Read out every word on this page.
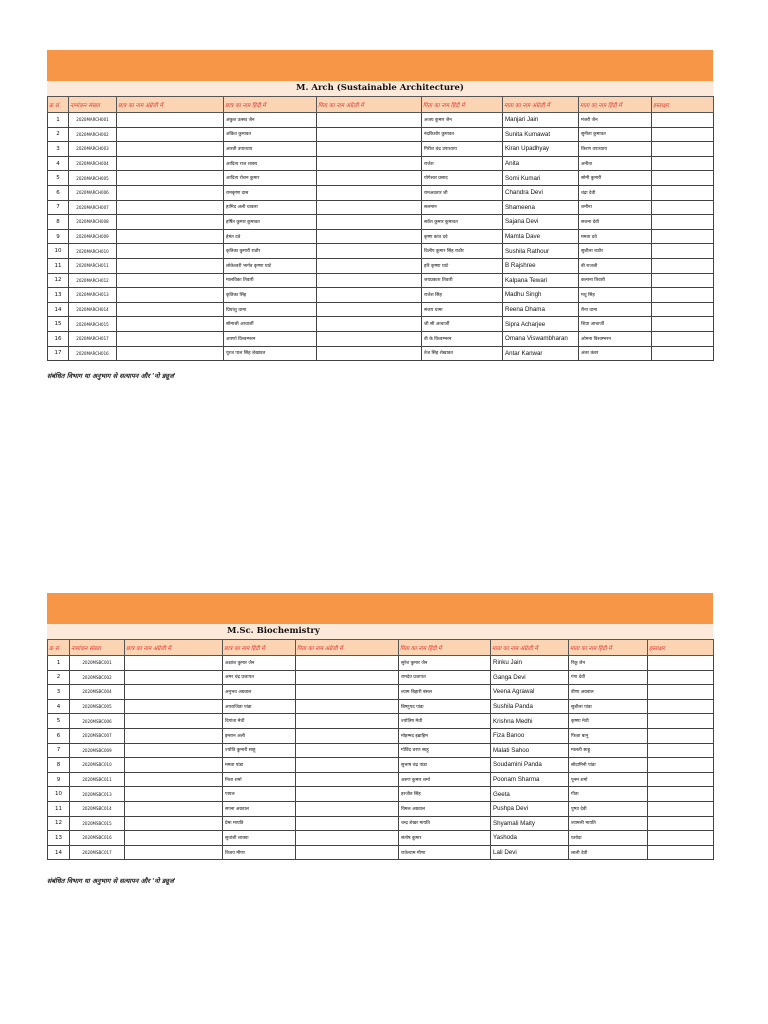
M. Arch (Sustainable Architecture)
क्र सं	नामांकन संख्या	छात्र का नाम अंग्रेजी में	छात्र का नाम हिंदी में	पिता का नाम अंग्रेजी में	पिता का नाम हिंदी में	माता का नाम अंग्रेजी में	माता का नाम हिंदी में	हस्ताक्षर
1	2020MARCH001		अंकुश उत्सव जैन		अजय कुमार जैन	Manjari Jain	मंजरी जैन	
2	2020MARCH002		अंकित कुमावत		नंदकिशोर कुमावत	Sunita Kumawat	सुनीता कुमावत	
3	2020MARCH003		आरती उपाध्याय		गिरीश चंद्र उपाध्याय	Kiran Upadhyay	किरण उपाध्याय	
4	2020MARCH004		आदित्य राज शाक्य		राजेश	Anita	अनीता	
5	2020MARCH005		आदित्य रोशन कुमार		योगेश्वर प्रसाद	Somi Kumari	सोमी कुमारी	
6	2020MARCH006		रामकृष्ण दास		रामअवतार जी	Chandra Devi	चंद्रा देवी	
7	2020MARCH007		हामिद अली चावला		सलमान	Shameena	शमीना	
8	2020MARCH008		हर्षित कुमार कुमावत		सर्वेश कुमार कुमावत	Sajana Devi	सजना देवी	
9	2020MARCH009		हेमंत दवे		कृष्ण कांत दवे	Mamta Dave	ममता दवे	
10	2020MARCH010		कृतिका कुमारी राठौर		दिलीप कुमार सिंह राठौर	Sushila Rathour	सुशीला राठौर	
11	2020MARCH011		लोकेश्वरी भार्गव कृष्णा घाटे		हरि कृष्णा घाटे	B Rajshree	बी राजश्री	
12	2020MARCH012		मालविका तिवारी		जयप्रकाश तिवारी	Kalpana Tewari	कल्पना तिवारी	
13	2020MARCH013		कृतिका सिंह		राजेश सिंह	Madhu Singh	मधु सिंह	
14	2020MARCH014		प्रियांशु धामा		संजय धामा	Reena Dhama	रीना धामा	
15	2020MARCH015		सौमाश्री आचार्जी		जी सी आचार्जी	Sipra Acharjee	शिप्रा आचार्जी	
16	2020MARCH017		अपर्णा विश्वम्भरन		वी के विश्वम्भरन	Omana Viswambharan	ओमना विश्वम्भरन	
17	2020MARCH016		यूरज पाल सिंह शेखावत		तेज सिंह शेखावत	Antar Kanwar	अंतर कंवर	
संबंधित विभाग या अनुभाग से सत्यापन और 'नो ड्यूज'
M.Sc. Biochemistry
क्र सं	नामांकन संख्या	छात्र का नाम अंग्रेजी में	छात्र का नाम हिंदी में	पिता का नाम अंग्रेजी में	पिता का नाम हिंदी में	माता का नाम अंग्रेजी में	माता का नाम हिंदी में	हस्ताक्षर
1	2020MSBC001		अक्षांश कुमार जैन		सुरेश कुमार जैन	Rinku Jain	रिंकू जैन	
2	2020MSBC002		अमर चंद्र प्रजापत		रामदेव प्रजापत	Ganga Devi	गंगा देवी	
3	2020MSBC004		अनुभव अग्रवाल		श्याम बिहारी बंसल	Veena Agrawal	वीणा अग्रवाल	
4	2020MSBC005		अपराजिता पांडा		बिष्णुपद पांडा	Sushila Panda	सुशीला पांडा	
5	2020MSBC006		दिगांता मेधी		ज्योतिष मेधी	Krishna Medhi	कृष्णा मेधी	
6	2020MSBC007		इमरान अली		मोहम्मद इब्राहिम	Fiza Banoo	फिज़ा बानू	
7	2020MSBC009		ज्योति कुमारी साहू		गोविंद चरण साहू	Malati Sahoo	मालती साहू	
8	2020MSBC010		ममता पांडा		सुभाष चंद्र पांडा	Soudamini Panda	सौदामिनी पांडा	
9	2020MSBC011		निशा शर्मा		अरुण कुमार शर्मा	Poonam Sharma	पूनम शर्मा	
10	2020MSBC013		पायल		हरजीत सिंह	Geeta	गीता	
11	2020MSBC014		सपना अग्रवाल		विमल अग्रवाल	Pushpa Devi	पुष्पा देवी	
12	2020MSBC015		प्रेमा मायति		चन्द्र शेखर मायति	Shyamali Maity	श्यामली मायति	
13	2020MSBC016		सुधांशी शाक्या		संतोष कुमार	Yashoda	यशोदा	
14	2020MSBC017		विजय मीणा		राधेश्याम मीणा	Lali Devi	लाली देवी	
संबंधित विभाग या अनुभाग से सत्यापन और 'नो ड्यूज'
